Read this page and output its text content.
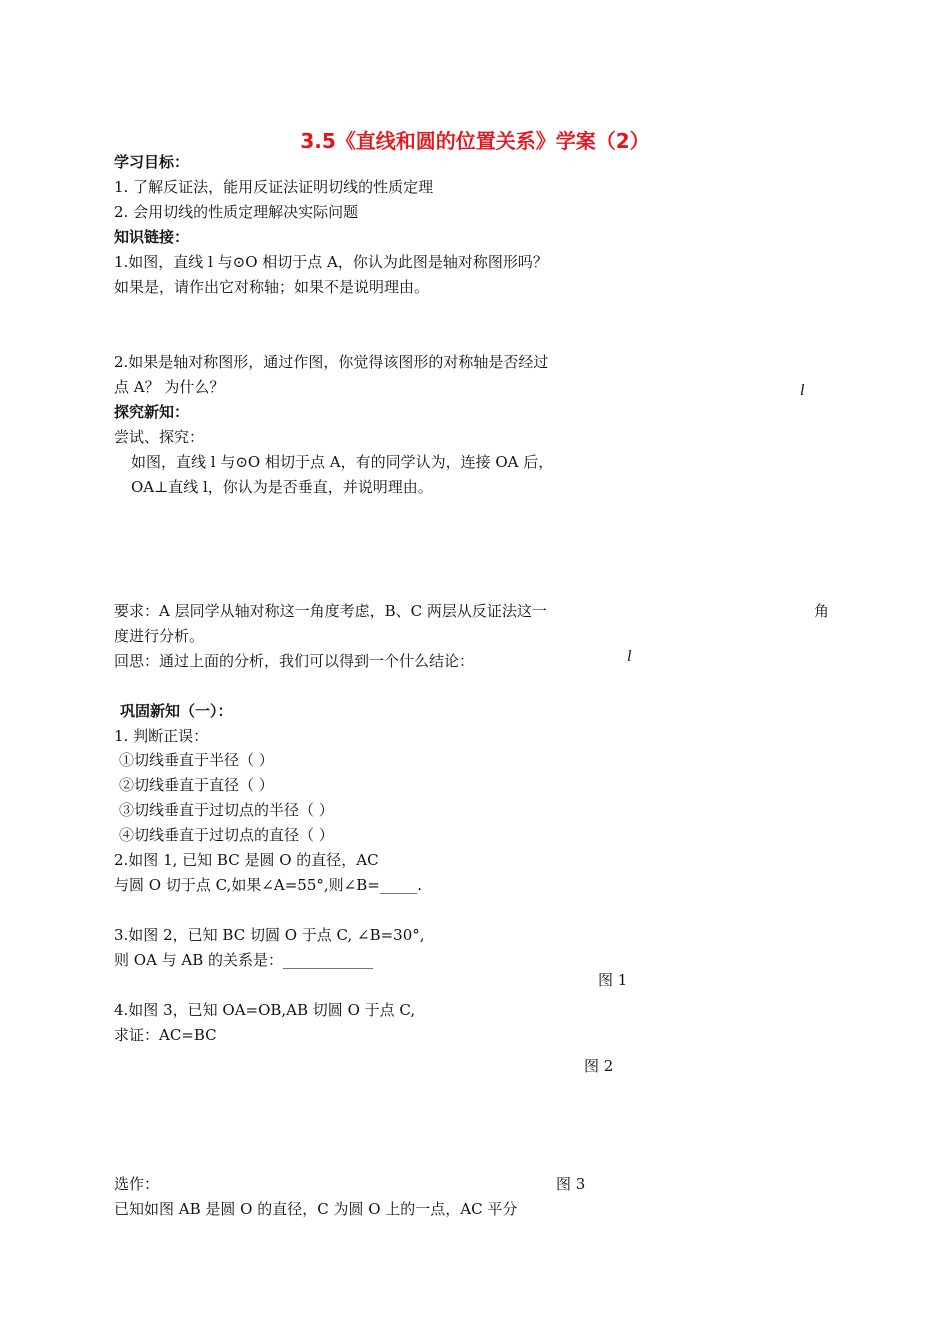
3.5《直线和圆的位置关系》学案（2）
学习目标：
1. 了解反证法，能用反证法证明切线的性质定理
2. 会用切线的性质定理解决实际问题
知识链接：
1.如图，直线 l 与⊙O 相切于点 A，你认为此图是轴对称图形吗？
如果是，请作出它对称轴；如果不是说明理由。
2.如果是轴对称图形，通过作图，你觉得该图形的对称轴是否经过
点 A？ 为什么？	l
探究新知：
尝试、探究：
如图，直线 l 与⊙O 相切于点 A，有的同学认为，连接 OA 后，
OA⊥直线 l，你认为是否垂直，并说明理由。
要求：A 层同学从轴对称这一角度考虑，B、C 两层从反证法这一	角
度进行分析。
回思：通过上面的分析，我们可以得到一个什么结论：	l
巩固新知（一）：
1. 判断正误：
①切线垂直于半径（ ）
②切线垂直于直径（ ）
③切线垂直于过切点的半径（ ）
④切线垂直于过切点的直径（ ）
2.如图 1, 已知 BC 是圆 O 的直径，AC
与圆 O 切于点 C,如果∠A=55°,则∠B=_____.
3.如图 2，已知 BC 切圆 O 于点 C, ∠B=30°,
则 OA 与 AB 的关系是：____________
图 1
4.如图 3，已知 OA=OB,AB 切圆 O 于点 C,
求证：AC=BC
图 2
选作：	图 3
已知如图 AB 是圆 O 的直径，C 为圆 O 上的一点，AC 平分
